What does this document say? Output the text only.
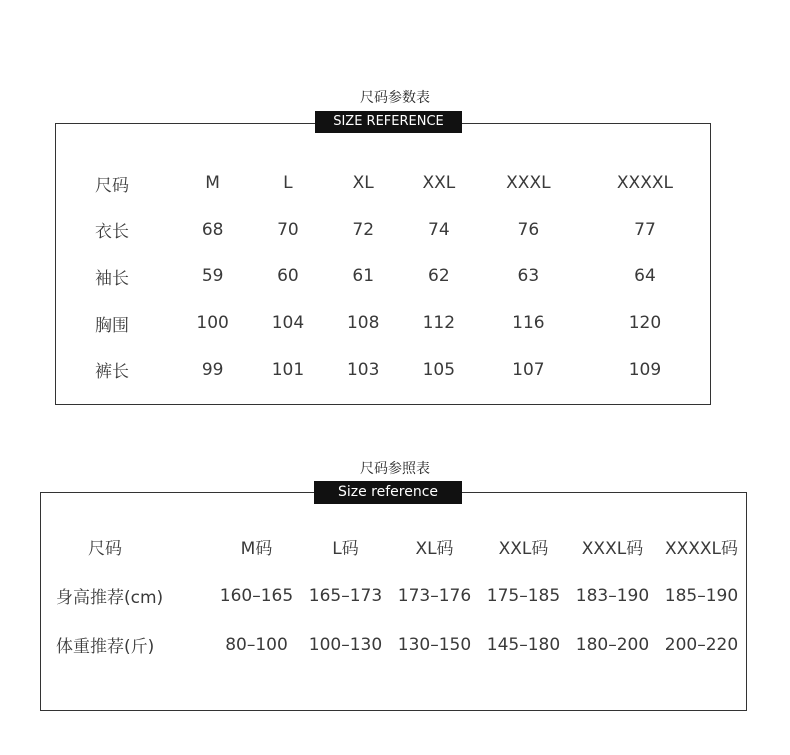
尺码参数表
SIZE REFERENCE
尺码	M	L	XL	XXL	XXXL	XXXXL
衣长	68	70	72	74	76	77
袖长	59	60	61	62	63	64
胸围	100	104	108	112	116	120
裤长	99	101	103	105	107	109
尺码参照表
Size reference
尺码	M码	L码	XL码	XXL码	XXXL码	XXXXL码
身高推荐(cm)	160–165	165–173	173–176	175–185	183–190	185–190
体重推荐(斤)	80–100	100–130	130–150	145–180	180–200	200–220
